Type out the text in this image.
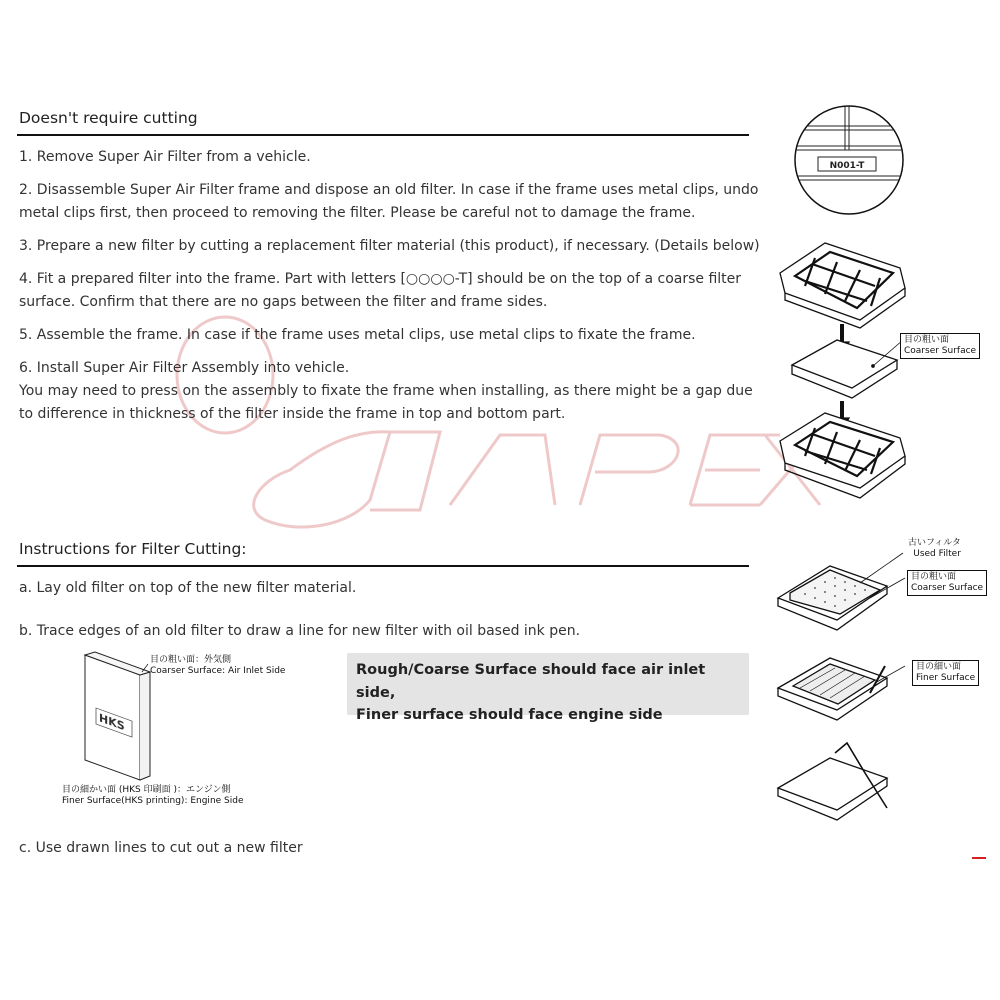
Doesn't require cutting
1. Remove Super Air Filter from a vehicle.
2. Disassemble Super Air Filter frame and dispose an old filter. In case if the frame uses metal clips, undo
metal clips first, then proceed to removing the filter. Please be careful not to damage the frame.
3. Prepare a new filter by cutting a replacement filter material (this product), if necessary. (Details below)
4. Fit a prepared filter into the frame. Part with letters [○○○○-T] should be on the top of a coarse filter
surface. Confirm that there are no gaps between the filter and frame sides.
5. Assemble the frame. In case if the frame uses metal clips, use metal clips to fixate the frame.
6. Install Super Air Filter Assembly into vehicle.
You may need to press on the assembly to fixate the frame when installing, as there might be a gap due
to difference in thickness of the filter inside the frame in top and bottom part.
Instructions for Filter Cutting:
a. Lay old filter on top of the new filter material.
b. Trace edges of an old filter to draw a line for new filter with oil based ink pen.
c. Use drawn lines to cut out a new filter
Rough/Coarse Surface should face air inlet side,
Finer surface should face engine side
HKS
目の粗い面：外気側
Coarser Surface: Air Inlet Side
目の細かい面 (HKS 印刷面 )：エンジン側
Finer Surface(HKS printing): Engine Side
N001-T
目の粗い面
Coarser Surface
古いフィルタ
Used Filter
目の粗い面
Coarser Surface
目の細い面
Finer Surface
